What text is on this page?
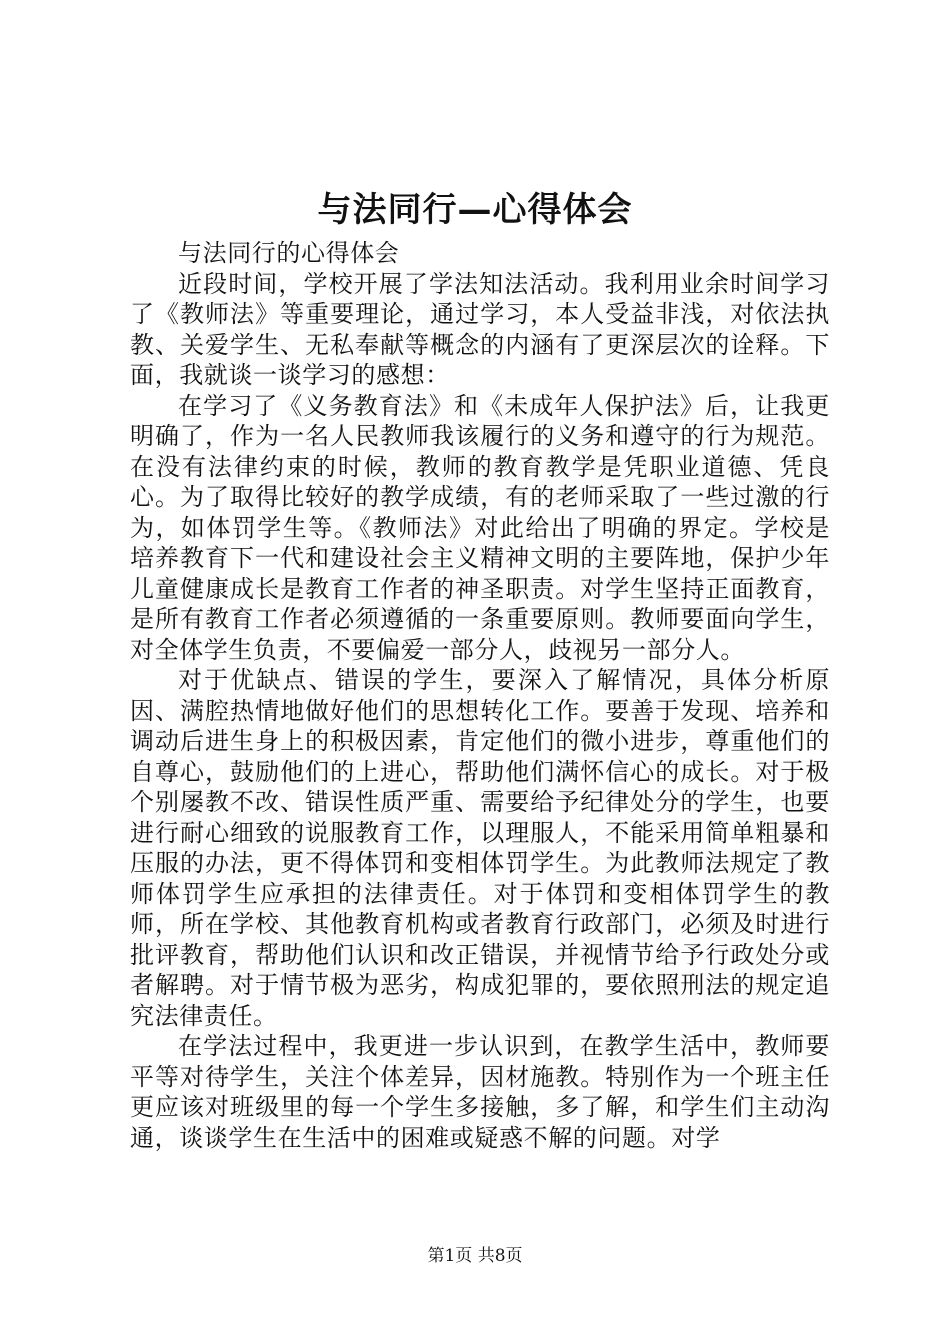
与法同行—心得体会

与法同行的心得体会

近段时间，学校开展了学法知法活动。我利用业余时间学习了《教师法》等重要理论，通过学习，本人受益非浅，对依法执教、关爱学生、无私奉献等概念的内涵有了更深层次的诠释。下面，我就谈一谈学习的感想：

在学习了《义务教育法》和《未成年人保护法》后，让我更明确了，作为一名人民教师我该履行的义务和遵守的行为规范。在没有法律约束的时候，教师的教育教学是凭职业道德、凭良心。为了取得比较好的教学成绩，有的老师采取了一些过激的行为，如体罚学生等。《教师法》对此给出了明确的界定。学校是培养教育下一代和建设社会主义精神文明的主要阵地，保护少年儿童健康成长是教育工作者的神圣职责。对学生坚持正面教育，是所有教育工作者必须遵循的一条重要原则。教师要面向学生，对全体学生负责，不要偏爱一部分人，歧视另一部分人。

对于优缺点、错误的学生，要深入了解情况，具体分析原因、满腔热情地做好他们的思想转化工作。要善于发现、培养和调动后进生身上的积极因素，肯定他们的微小进步，尊重他们的自尊心，鼓励他们的上进心，帮助他们满怀信心的成长。对于极个别屡教不改、错误性质严重、需要给予纪律处分的学生，也要进行耐心细致的说服教育工作，以理服人，不能采用简单粗暴和压服的办法，更不得体罚和变相体罚学生。为此教师法规定了教师体罚学生应承担的法律责任。对于体罚和变相体罚学生的教师，所在学校、其他教育机构或者教育行政部门，必须及时进行批评教育，帮助他们认识和改正错误，并视情节给予行政处分或者解聘。对于情节极为恶劣，构成犯罪的，要依照刑法的规定追究法律责任。

在学法过程中，我更进一步认识到，在教学生活中，教师要平等对待学生，关注个体差异，因材施教。特别作为一个班主任更应该对班级里的每一个学生多接触，多了解，和学生们主动沟通，谈谈学生在生活中的困难或疑惑不解的问题。对学

第1页 共8页
